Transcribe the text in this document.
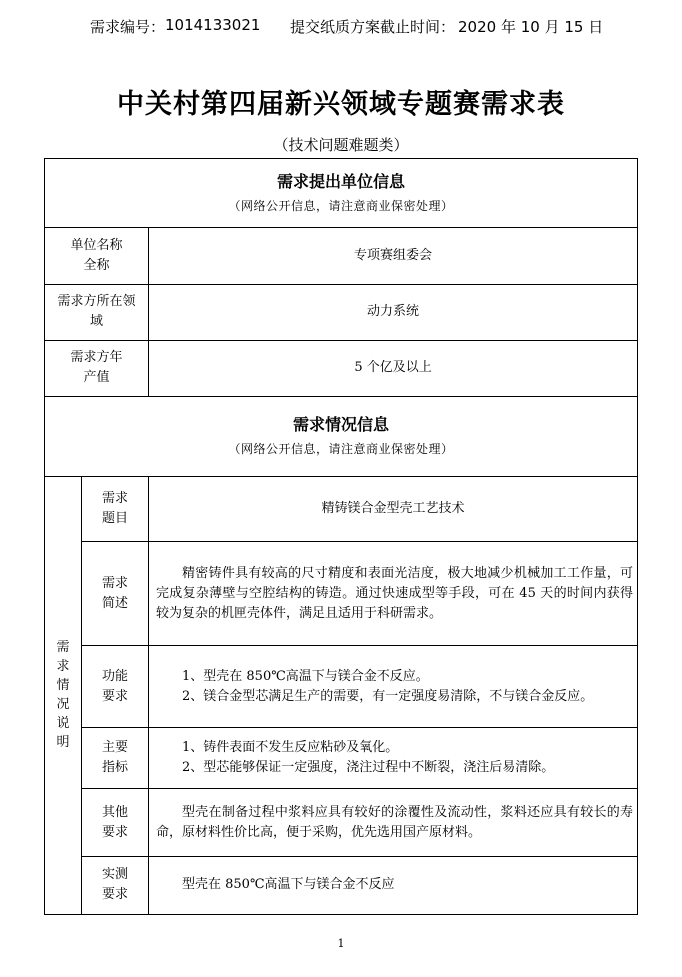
需求编号： 1014133021 提交纸质方案截止时间： 2020 年 10 月 15 日
中关村第四届新兴领域专题赛需求表
（技术问题难题类）
需求提出单位信息
（网络公开信息，请注意商业保密处理）		

单位名称全称		专项赛组委会

需求方所在领域		动力系统

需求方年产值		5 个亿及以上

需求情况信息
（网络公开信息，请注意商业保密处理）		

需求情况说明	需求题目	精铸镁合金型壳工艺技术

	需求简述	精密铸件具有较高的尺寸精度和表面光洁度，极大地减少机械加工工作量，可完成复杂薄壁与空腔结构的铸造。通过快速成型等手段，可在 45 天的时间内获得较为复杂的机匣壳体件，满足且适用于科研需求。

	功能要求	1、型壳在 850℃高温下与镁合金不反应。

2、镁合金型芯满足生产的需要，有一定强度易清除，不与镁合金反应。

	主要指标	1、铸件表面不发生反应粘砂及氧化。

2、型芯能够保证一定强度，浇注过程中不断裂，浇注后易清除。

	其他要求	型壳在制备过程中浆料应具有较好的涂覆性及流动性，浆料还应具有较长的寿命，原材料性价比高，便于采购，优先选用国产原材料。

	实测要求	型壳在 850℃高温下与镁合金不反应

1
